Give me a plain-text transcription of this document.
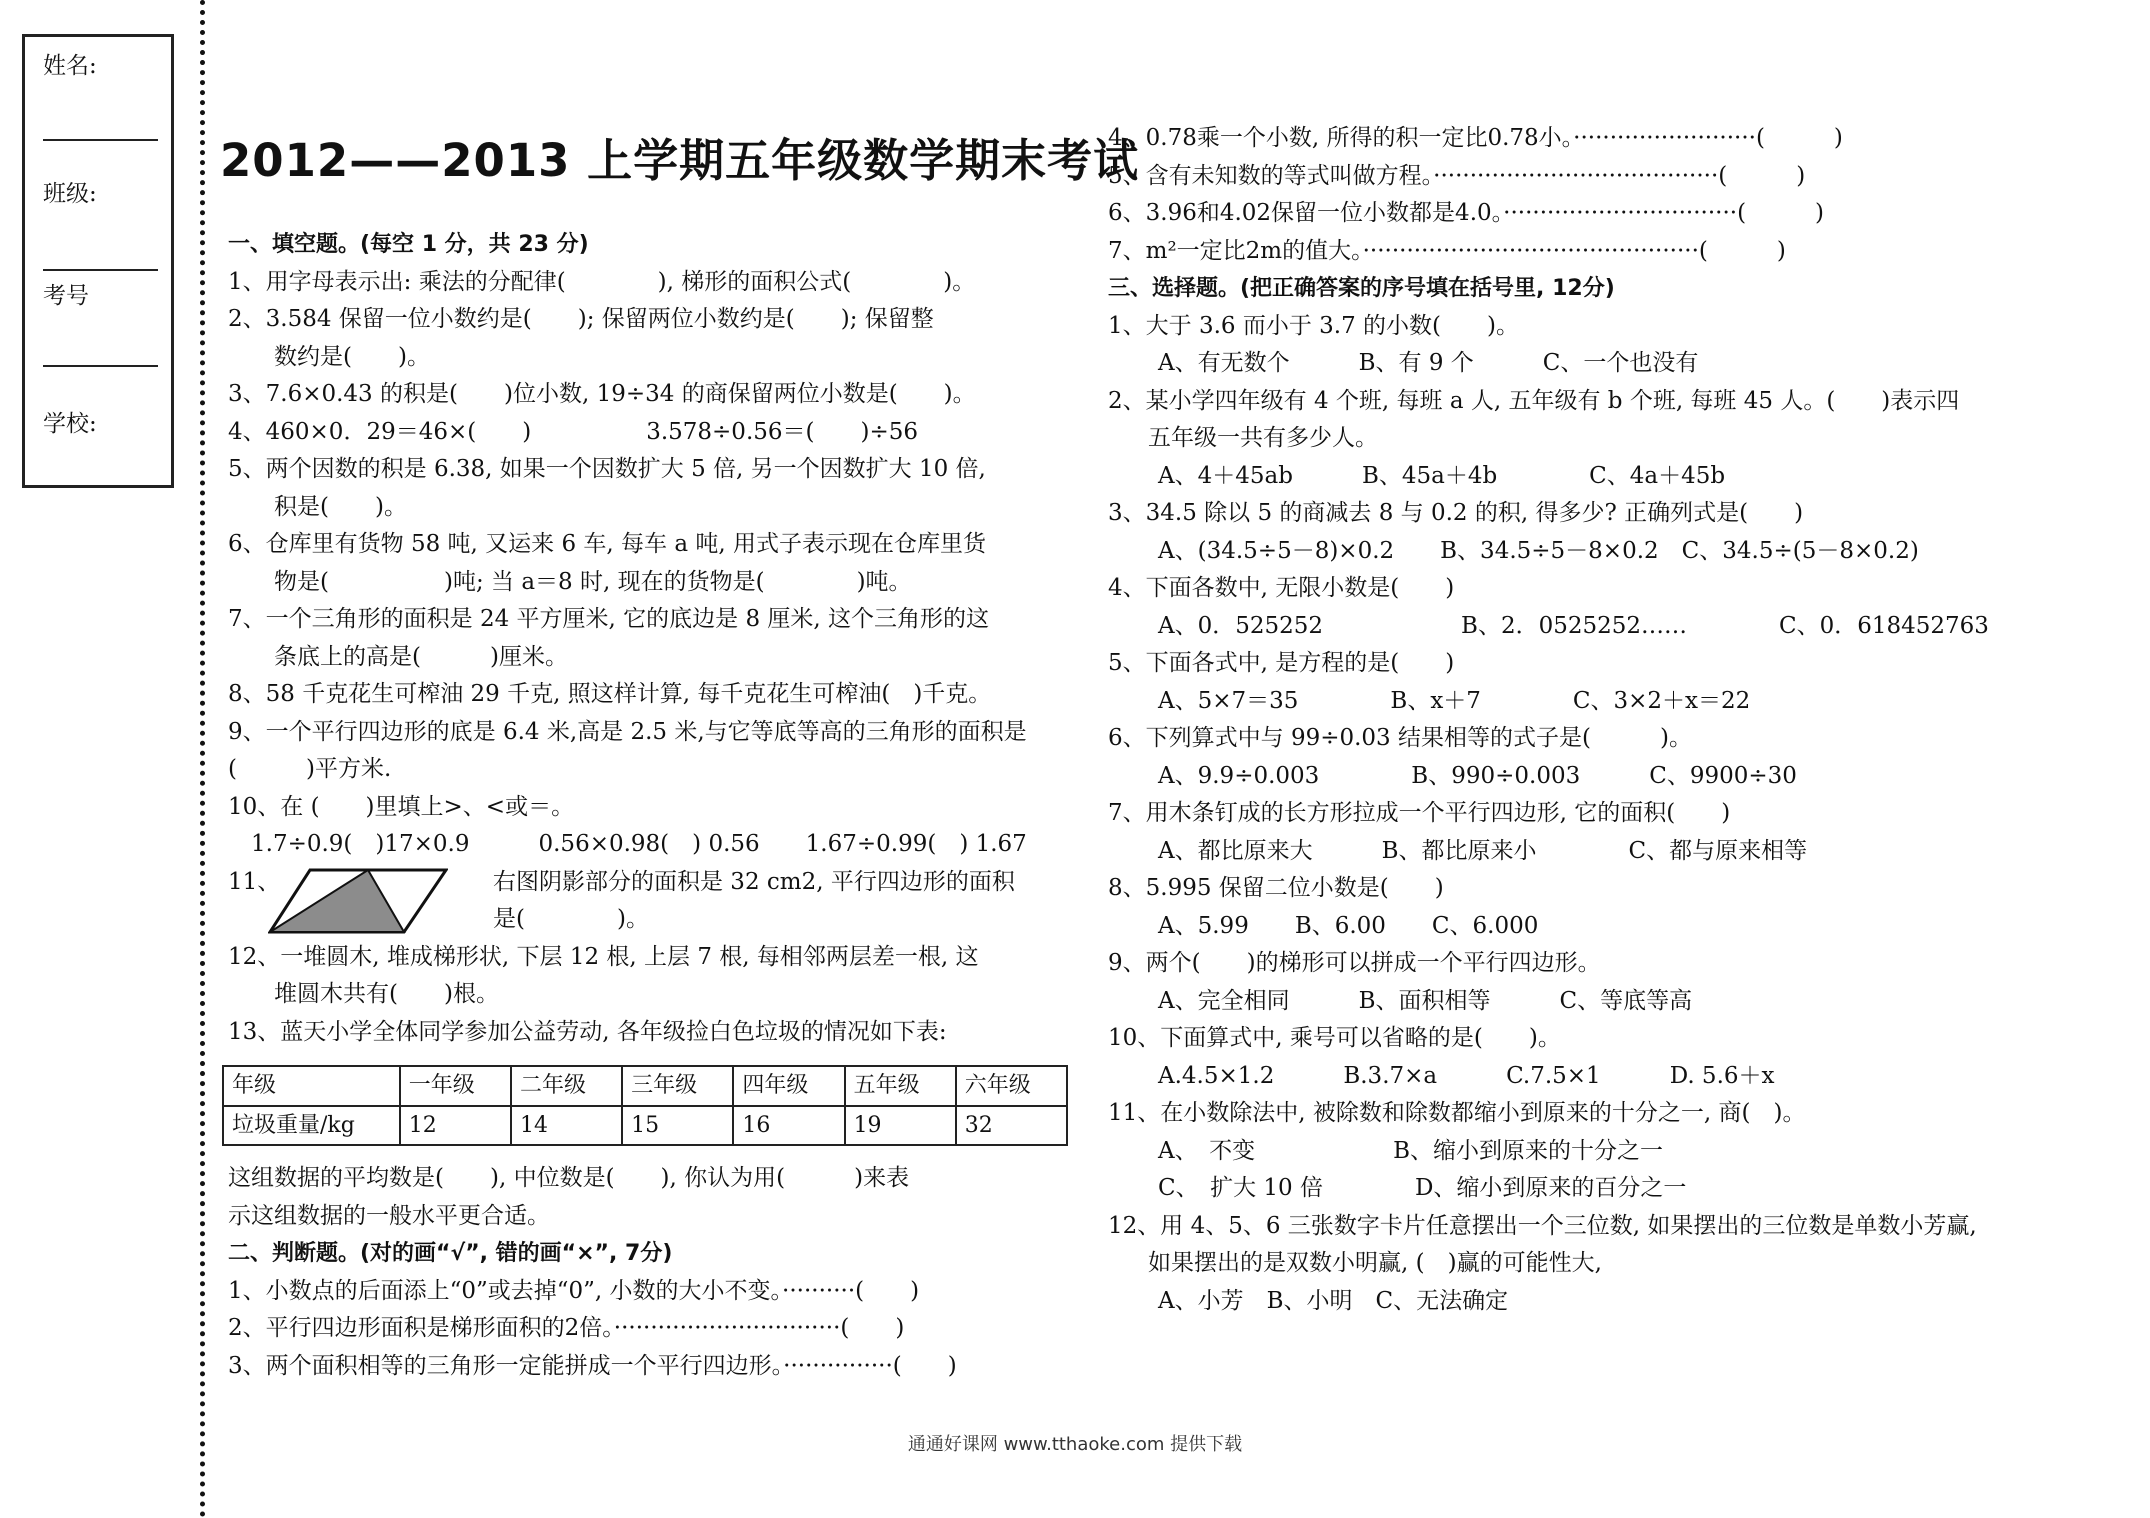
姓名:
班级:
考号
学校:
2012——2013 上学期五年级数学期末考试
一、填空题。(每空 1 分，共 23 分)
1、用字母表示出: 乘法的分配律(　　　　), 梯形的面积公式(　　　　)。
2、3.584 保留一位小数约是(　　); 保留两位小数约是(　　); 保留整
　　数约是(　　)。
3、7.6×0.43 的积是(　　)位小数, 19÷34 的商保留两位小数是(　　)。
4、460×0．29＝46×(　　)　　　　　3.578÷0.56＝(　　)÷56
5、两个因数的积是 6.38, 如果一个因数扩大 5 倍, 另一个因数扩大 10 倍,
　　积是(　　)。
6、仓库里有货物 58 吨, 又运来 6 车, 每车 a 吨, 用式子表示现在仓库里货
　　物是(　　　　　)吨; 当 a＝8 时, 现在的货物是(　　　　)吨。
7、一个三角形的面积是 24 平方厘米, 它的底边是 8 厘米, 这个三角形的这
　　条底上的高是(　　　)厘米。
8、58 千克花生可榨油 29 千克, 照这样计算, 每千克花生可榨油(　)千克。
9、一个平行四边形的底是 6.4 米,高是 2.5 米,与它等底等高的三角形的面积是
(　　　)平方米.
10、在 (　　)里填上>、<或＝。
　1.7÷0.9(　)17×0.9　　　0.56×0.98(　) 0.56　　1.67÷0.99(　) 1.67
11、	右图阴影部分的面积是 32 cm2, 平行四边形的面积
是(　　　　)。
12、一堆圆木, 堆成梯形状, 下层 12 根, 上层 7 根, 每相邻两层差一根, 这
　　堆圆木共有(　　)根。
13、蓝天小学全体同学参加公益劳动, 各年级捡白色垃圾的情况如下表:
年级	一年级	二年级	三年级	四年级	五年级	六年级
垃圾重量/kg	12	14	15	16	19	32
这组数据的平均数是(　　), 中位数是(　　), 你认为用(　　　)来表
示这组数据的一般水平更合适。
二、判断题。(对的画“√”, 错的画“×”, 7分)
1、小数点的后面添上“0”或去掉“0”, 小数的大小不变。··········(　　)
2、平行四边形面积是梯形面积的2倍。·······························(　　)
3、两个面积相等的三角形一定能拼成一个平行四边形。···············(　　)
4、0.78乘一个小数, 所得的积一定比0.78小。·························(　　　)
5、含有未知数的等式叫做方程。·······································(　　　)
6、3.96和4.02保留一位小数都是4.0。································(　　　)
7、m²一定比2m的值大。··············································(　　　)
三、选择题。(把正确答案的序号填在括号里, 12分)
1、大于 3.6 而小于 3.7 的小数(　　)。
A、有无数个　　　B、有 9 个　　　C、一个也没有
2、某小学四年级有 4 个班, 每班 a 人, 五年级有 b 个班, 每班 45 人。(　　)表示四
五年级一共有多少人。
A、4＋45ab　　　B、45a＋4b　　　　C、4a＋45b
3、34.5 除以 5 的商减去 8 与 0.2 的积, 得多少? 正确列式是(　　)
A、(34.5÷5－8)×0.2　　B、34.5÷5－8×0.2　C、34.5÷(5－8×0.2)
4、下面各数中, 无限小数是(　　)
A、0．525252　　　　　　B、2．0525252……　　　　C、0．618452763
5、下面各式中, 是方程的是(　　)
A、5×7＝35　　　　B、x＋7　　　　C、3×2＋x＝22
6、下列算式中与 99÷0.03 结果相等的式子是(　　　)。
A、9.9÷0.003　　　　B、990÷0.003　　　C、9900÷30
7、用木条钉成的长方形拉成一个平行四边形, 它的面积(　　)
A、都比原来大　　　B、都比原来小　　　　C、都与原来相等
8、5.995 保留二位小数是(　　)
A、5.99　　B、6.00　　C、6.000
9、两个(　　)的梯形可以拼成一个平行四边形。
A、完全相同　　　B、面积相等　　　C、等底等高
10、下面算式中, 乘号可以省略的是(　　)。
A.4.5×1.2　　　B.3.7×a　　　C.7.5×1　　　D. 5.6＋x
11、在小数除法中, 被除数和除数都缩小到原来的十分之一, 商(　)。
A、　不变　　　　　　B、缩小到原来的十分之一
C、　扩大 10 倍　　　　D、缩小到原来的百分之一
12、用 4、5、6 三张数字卡片任意摆出一个三位数, 如果摆出的三位数是单数小芳赢,
如果摆出的是双数小明赢, (　)赢的可能性大,
A、小芳　B、小明　C、无法确定
通通好课网 www.tthaoke.com 提供下载
